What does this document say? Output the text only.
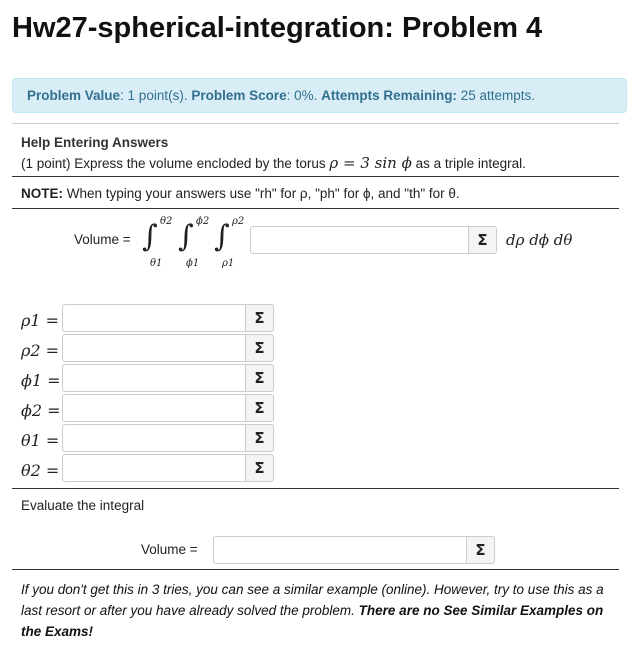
Hw27-spherical-integration: Problem 4
Problem Value: 1 point(s). Problem Score: 0%. Attempts Remaining: 25 attempts.
Help Entering Answers
(1 point) Express the volume encloded by the torus ρ = 3 sin ϕ as a triple integral.
NOTE: When typing your answers use "rh" for ρ, "ph" for ϕ, and "th" for θ.
Volume = ∫ θ2
θ1
∫ ϕ2
ϕ1
∫ ρ2
ρ1
Σ	dρ dϕ dθ
ρ1 =	Σ
ρ2 =	Σ
ϕ1 =	Σ
ϕ2 =	Σ
θ1 =	Σ
θ2 =	Σ
Evaluate the integral
Volume =	Σ
If you don't get this in 3 tries, you can see a similar example (online). However, try to use this as a last resort or after you have already solved the problem. There are no See Similar Examples on the Exams!
